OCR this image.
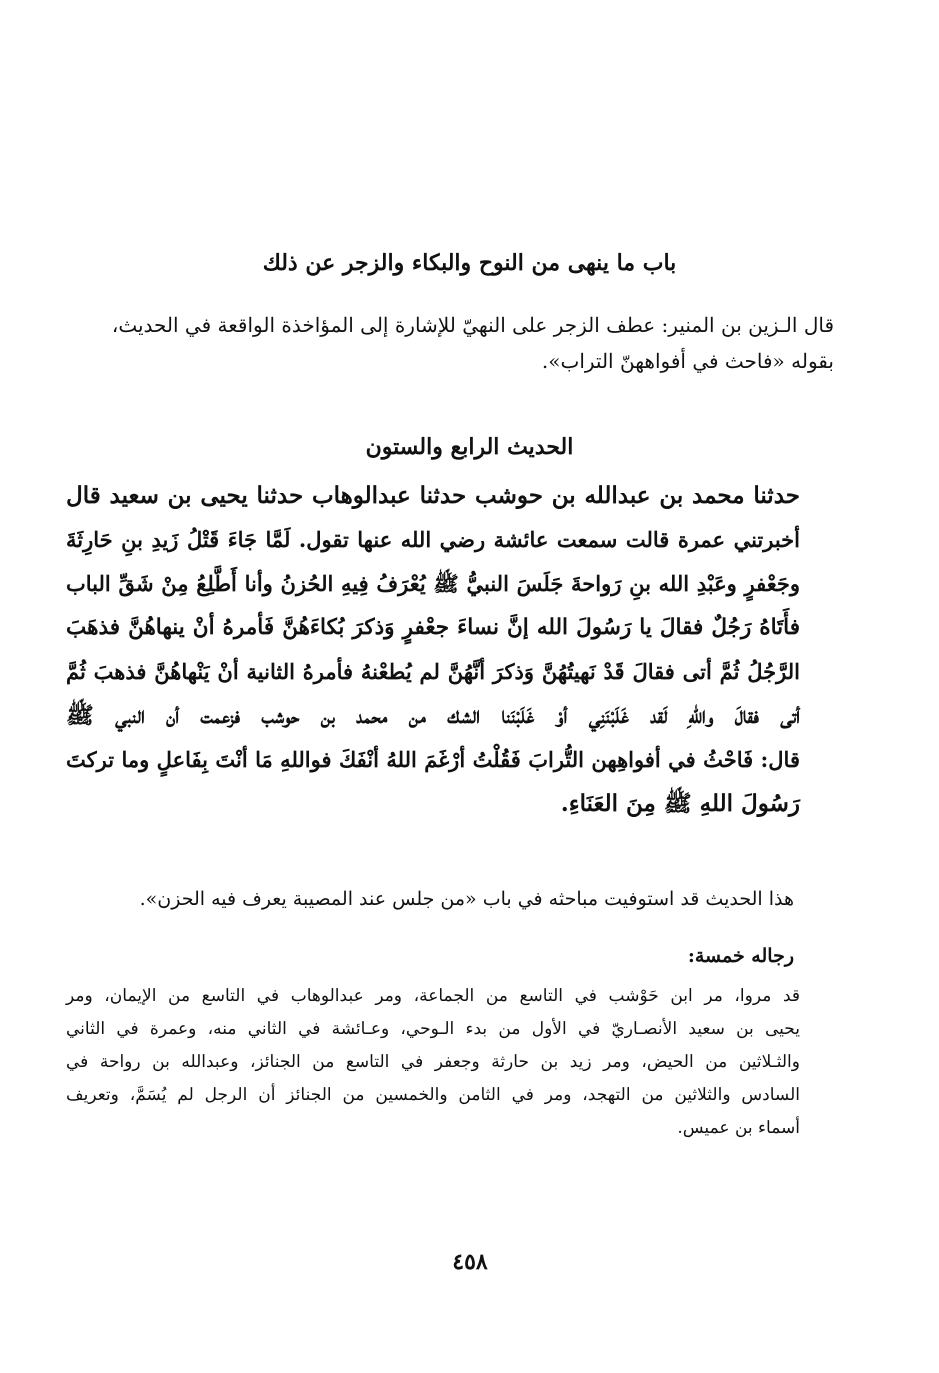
باب ما ينهى من النوح والبكاء والزجر عن ذلك
قال الـزين بن المنير: عطف الزجر على النهيّ للإشارة إلى المؤاخذة الواقعة في الحديث،
بقوله «فاحث في أفواههنّ التراب».
الحديث الرابع والستون
حدثنا محمد بن عبدالله بن حوشب حدثنا عبدالوهاب حدثنا يحيى بن سعيد قال
أخبرتني عمرة قالت سمعت عائشة رضي الله عنها تقول. لَمَّا جَاءَ قَتْلُ زَيدِ بنِ حَارِثَةَ
وجَعْفرٍ وعَبْدِ الله بنِ رَواحةَ جَلَسَ النبيُّ ﷺ يُعْرَفُ فِيهِ الحُزنُ وأنا أَطَّلِعُ مِنْ شَقِّ الباب
فأَتَاهُ رَجُلٌ فقالَ يا رَسُولَ الله إنَّ نساءَ جعْفرٍ وَذكرَ بُكاءَهُنَّ فَأمرهُ أنْ ينهاهُنَّ فذهَبَ
الرَّجُلُ ثُمَّ أتى فقالَ قَدْ نَهيتُهُنَّ وَذكرَ أنَّهُنَّ لم يُطعْنهُ فأمرهُ الثانية أنْ يَنْهاهُنَّ فذهبَ ثُمَّ
أتى فقالَ واللهِ لَقد غَلَبْنَنِي أوْ غَلَبْنَنا الشك من محمد بن حوشب فزعمت أن النبي ﷺ
قال: فَاحْثُ في أفواهِهن التُّرابَ فَقُلْتُ أرْغَمَ اللهُ أنْفَكَ فواللهِ مَا أنْتَ بِفَاعلٍ وما تركتَ
رَسُولَ اللهِ ﷺ مِنَ العَنَاءِ.
هذا الحديث قد استوفيت مباحثه في باب «من جلس عند المصيبة يعرف فيه الحزن».
رجاله خمسة:
قد مروا، مر ابن حَوْشب في التاسع من الجماعة، ومر عبدالوهاب في التاسع من الإيمان، ومر
يحيى بن سعيد الأنصـاريّ في الأول من بدء الـوحي، وعـائشة في الثاني منه، وعمرة في الثاني
والثـلاثين من الحيض، ومر زيد بن حارثة وجعفر في التاسع من الجنائز، وعبدالله بن رواحة في
السادس والثلاثين من التهجد، ومر في الثامن والخمسين من الجنائز أن الرجل لم يُسَمَّ، وتعريف
أسماء بن عميس.
٤٥٨
